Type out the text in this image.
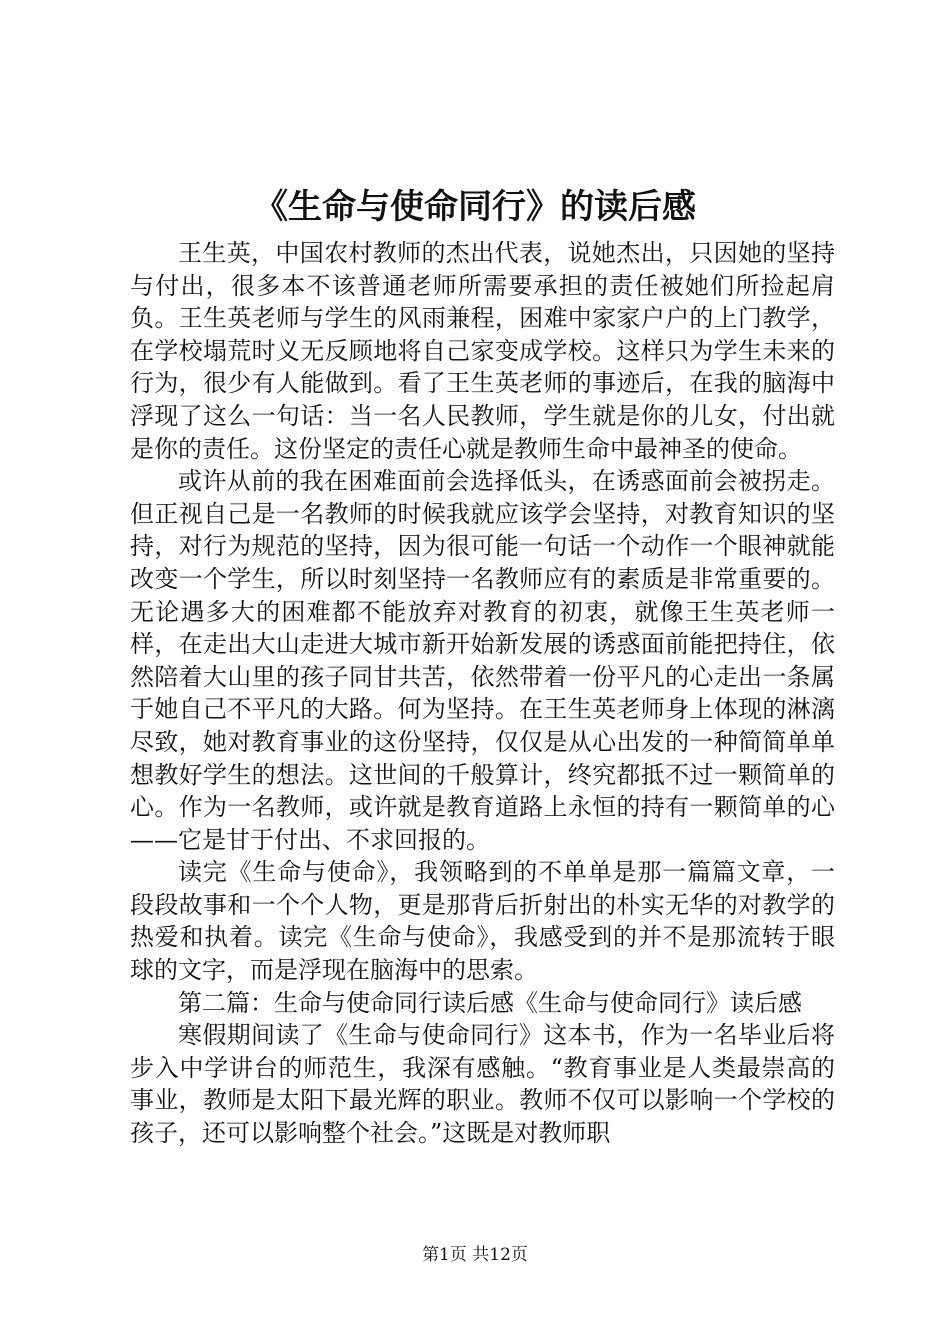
《生命与使命同行》的读后感

王生英，中国农村教师的杰出代表，说她杰出，只因她的坚持与付出，很多本不该普通老师所需要承担的责任被她们所捡起肩负。王生英老师与学生的风雨兼程，困难中家家户户的上门教学，在学校塌荒时义无反顾地将自己家变成学校。这样只为学生未来的行为，很少有人能做到。看了王生英老师的事迹后，在我的脑海中浮现了这么一句话：当一名人民教师，学生就是你的儿女，付出就是你的责任。这份坚定的责任心就是教师生命中最神圣的使命。

或许从前的我在困难面前会选择低头，在诱惑面前会被拐走。但正视自己是一名教师的时候我就应该学会坚持，对教育知识的坚持，对行为规范的坚持，因为很可能一句话一个动作一个眼神就能改变一个学生，所以时刻坚持一名教师应有的素质是非常重要的。无论遇多大的困难都不能放弃对教育的初衷，就像王生英老师一样，在走出大山走进大城市新开始新发展的诱惑面前能把持住，依然陪着大山里的孩子同甘共苦，依然带着一份平凡的心走出一条属于她自己不平凡的大路。何为坚持。在王生英老师身上体现的淋漓尽致，她对教育事业的这份坚持，仅仅是从心出发的一种简简单单想教好学生的想法。这世间的千般算计，终究都抵不过一颗简单的心。作为一名教师，或许就是教育道路上永恒的持有一颗简单的心——它是甘于付出、不求回报的。

读完《生命与使命》，我领略到的不单单是那一篇篇文章，一段段故事和一个个人物，更是那背后折射出的朴实无华的对教学的热爱和执着。读完《生命与使命》，我感受到的并不是那流转于眼球的文字，而是浮现在脑海中的思索。

第二篇：生命与使命同行读后感《生命与使命同行》读后感

寒假期间读了《生命与使命同行》这本书，作为一名毕业后将步入中学讲台的师范生，我深有感触。“教育事业是人类最崇高的事业，教师是太阳下最光辉的职业。教师不仅可以影响一个学校的孩子，还可以影响整个社会。”这既是对教师职

第1页 共12页
